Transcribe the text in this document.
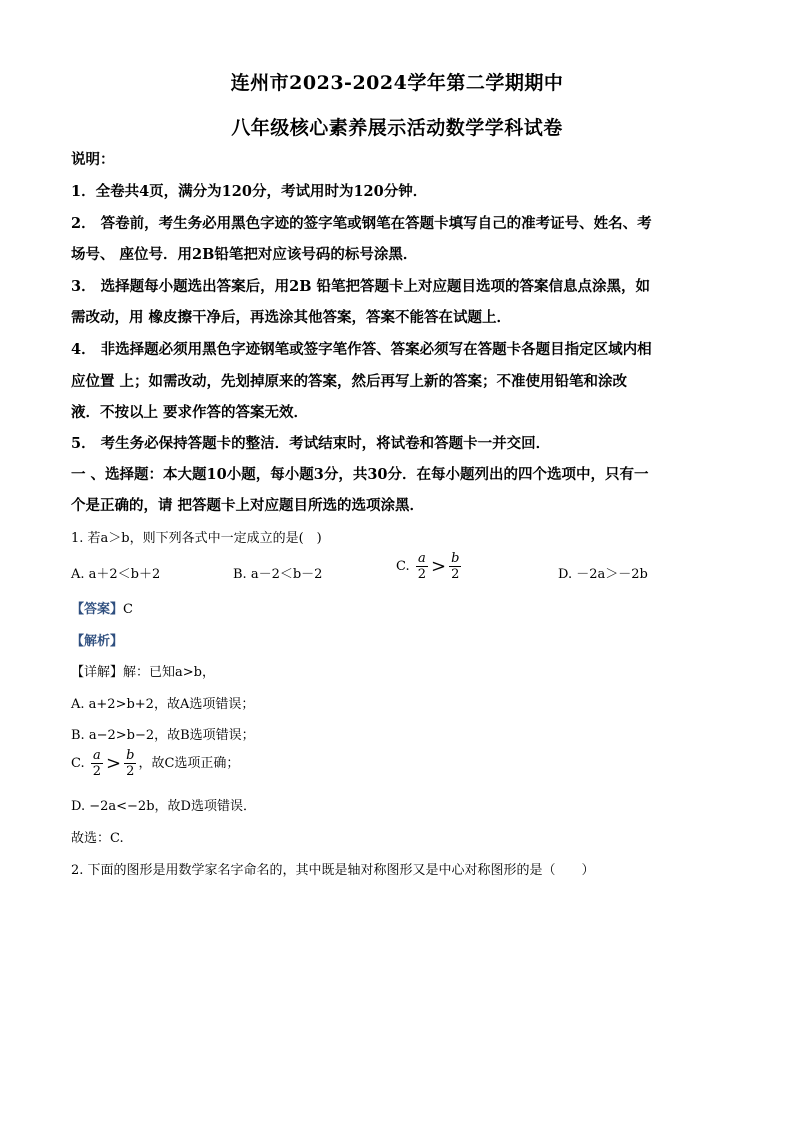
连州市2023-2024学年第二学期期中
八年级核心素养展示活动数学学科试卷
说明：
1．全卷共4页，满分为120分，考试用时为120分钟．
2． 答卷前，考生务必用黑色字迹的签字笔或钢笔在答题卡填写自己的准考证号、姓名、考
场号、 座位号．用2B铅笔把对应该号码的标号涂黑．
3． 选择题每小题选出答案后，用2B 铅笔把答题卡上对应题目选项的答案信息点涂黑，如
需改动，用 橡皮擦干净后，再选涂其他答案，答案不能答在试题上．
4． 非选择题必须用黑色字迹钢笔或签字笔作答、答案必须写在答题卡各题目指定区域内相
应位置 上；如需改动，先划掉原来的答案，然后再写上新的答案；不准使用铅笔和涂改
液．不按以上 要求作答的答案无效．
5． 考生务必保持答题卡的整洁．考试结束时，将试卷和答题卡一并交回．
一 、选择题：本大题10小题，每小题3分，共30分．在每小题列出的四个选项中，只有一
个是正确的，请 把答题卡上对应题目所选的选项涂黑．
1. 若a＞b，则下列各式中一定成立的是(　)
A. a＋2＜b＋2	B. a－2＜b－2
C. $\frac{a}{2} > \frac{b}{2}$	D. －2a＞－2b
【答案】C
【解析】
【详解】解：已知a>b，
A. a+2>b+2，故A选项错误；
B. a−2>b−2，故B选项错误；
C. $\frac{a}{2} > \frac{b}{2}$ ，故C选项正确；
D. −2a<−2b，故D选项错误．
故选：C.
2. 下面的图形是用数学家名字命名的，其中既是轴对称图形又是中心对称图形的是（　　）
